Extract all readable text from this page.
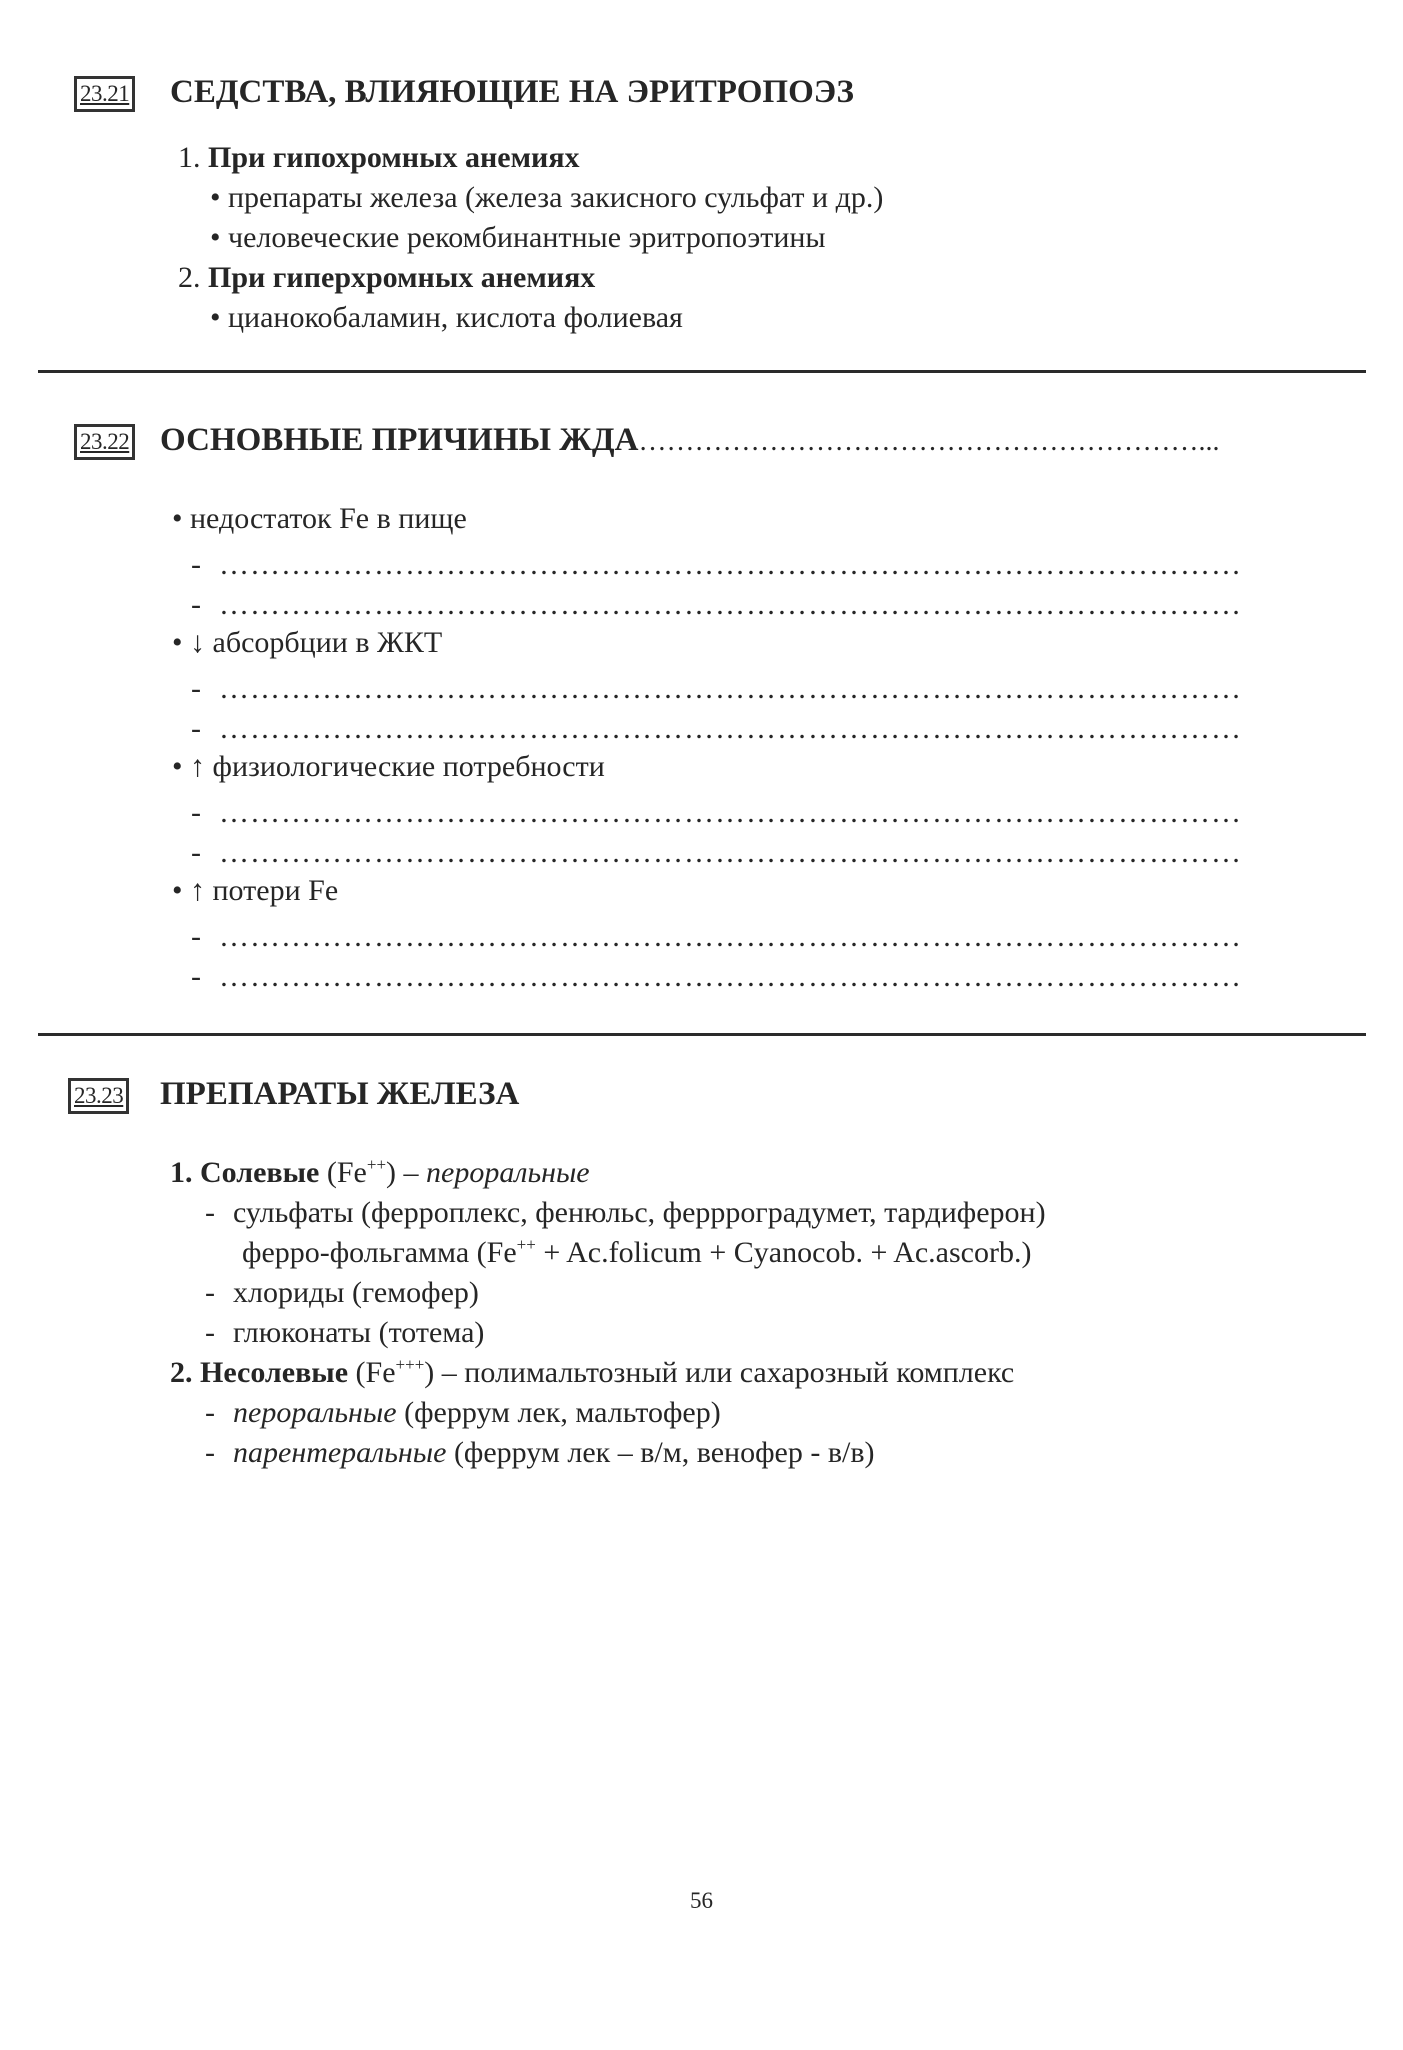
23.21 СЕДСТВА, ВЛИЯЮЩИЕ НА ЭРИТРОПОЭЗ
1. При гипохромных анемиях
• препараты железа (железа закисного сульфат и др.)
• человеческие рекомбинантные эритропоэтины
2. При гиперхромных анемиях
• цианокобаламин, кислота фолиевая
23.22 ОСНОВНЫЕ ПРИЧИНЫ ЖДА……………………………………………………...
• недостаток Fe в пище
- ………………………………………………………………………………………
- ………………………………………………………………………………………
• ↓ абсорбции в ЖКТ
- ………………………………………………………………………………………
- ………………………………………………………………………………………
• ↑ физиологические потребности
- ………………………………………………………………………………………
- ………………………………………………………………………………………
• ↑ потери Fe
- ………………………………………………………………………………………
- ………………………………………………………………………………………
23.23 ПРЕПАРАТЫ ЖЕЛЕЗА
1. Солевые (Fe++) – пероральные
- сульфаты (ферроплекс, фенюльс, феррроградумет, тардиферон)
ферро-фольгамма (Fe++ + Ac.folicum + Cyanocob. + Ac.ascorb.)
- хлориды (гемофер)
- глюконаты (тотема)
2. Несолевые (Fe+++) – полимальтозный или сахарозный комплекс
- пероральные (феррум лек, мальтофер)
- парентеральные (феррум лек – в/м, венофер - в/в)
56
